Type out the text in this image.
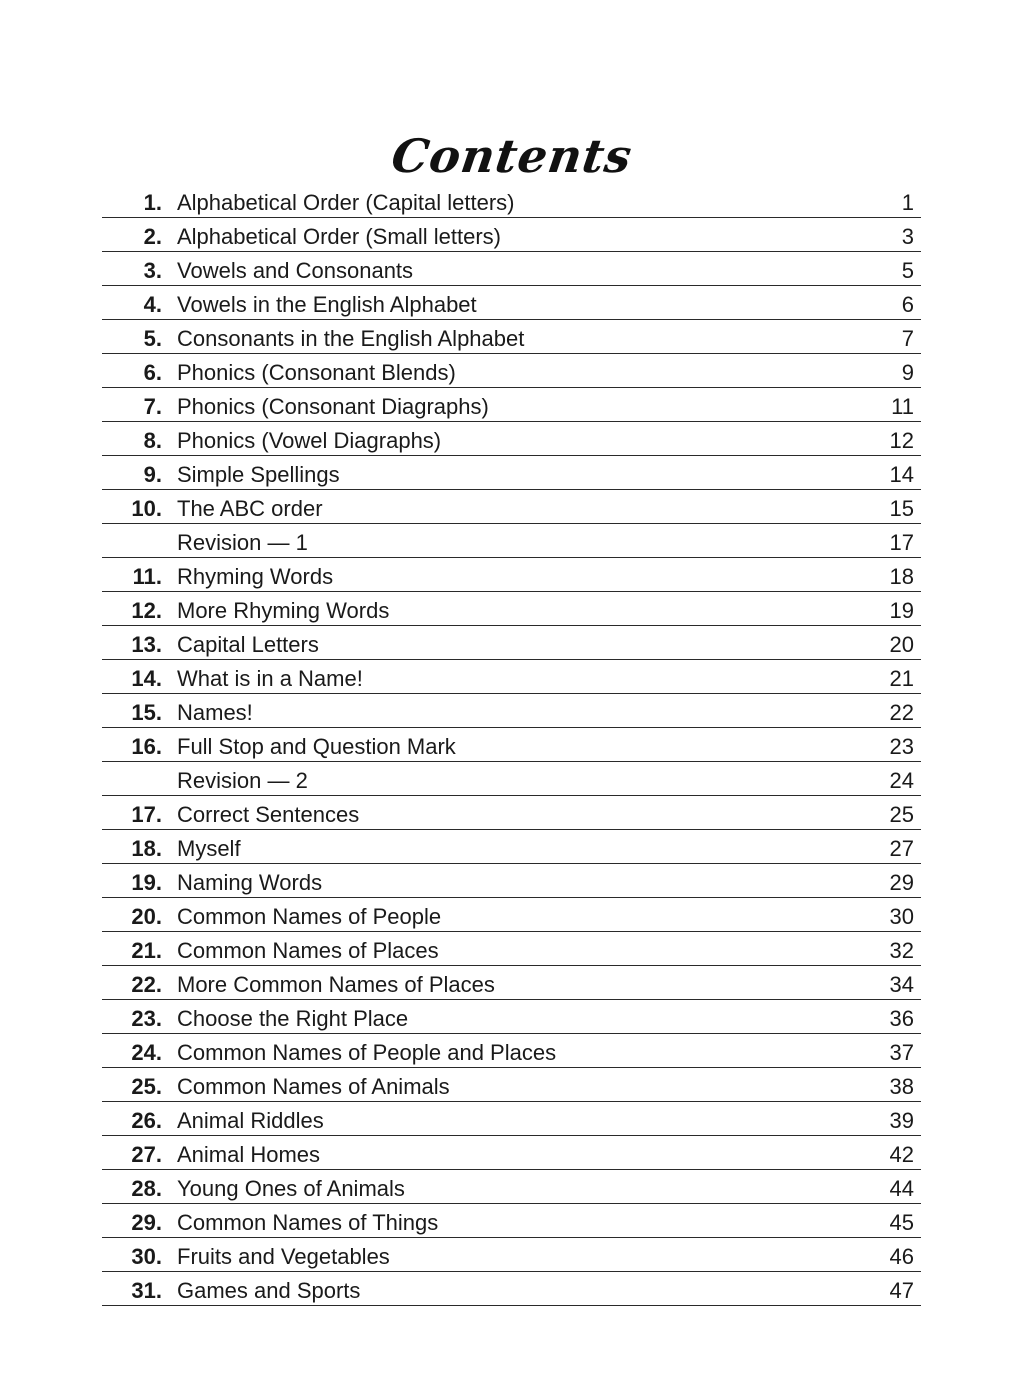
Contents
1. Alphabetical Order (Capital letters)	1
2. Alphabetical Order (Small letters)	3
3. Vowels and Consonants	5
4. Vowels in the English Alphabet	6
5. Consonants in the English Alphabet	7
6. Phonics (Consonant Blends)	9
7. Phonics (Consonant Diagraphs)	11
8. Phonics (Vowel Diagraphs)	12
9. Simple Spellings	14
10. The ABC order	15
Revision — 1	17
11. Rhyming Words	18
12. More Rhyming Words	19
13. Capital Letters	20
14. What is in a Name!	21
15. Names!	22
16. Full Stop and Question Mark	23
Revision — 2	24
17. Correct Sentences	25
18. Myself	27
19. Naming Words	29
20. Common Names of People	30
21. Common Names of Places	32
22. More Common Names of Places	34
23. Choose the Right Place	36
24. Common Names of People and Places	37
25. Common Names of Animals	38
26. Animal Riddles	39
27. Animal Homes	42
28. Young Ones of Animals	44
29. Common Names of Things	45
30. Fruits and Vegetables	46
31. Games and Sports	47
